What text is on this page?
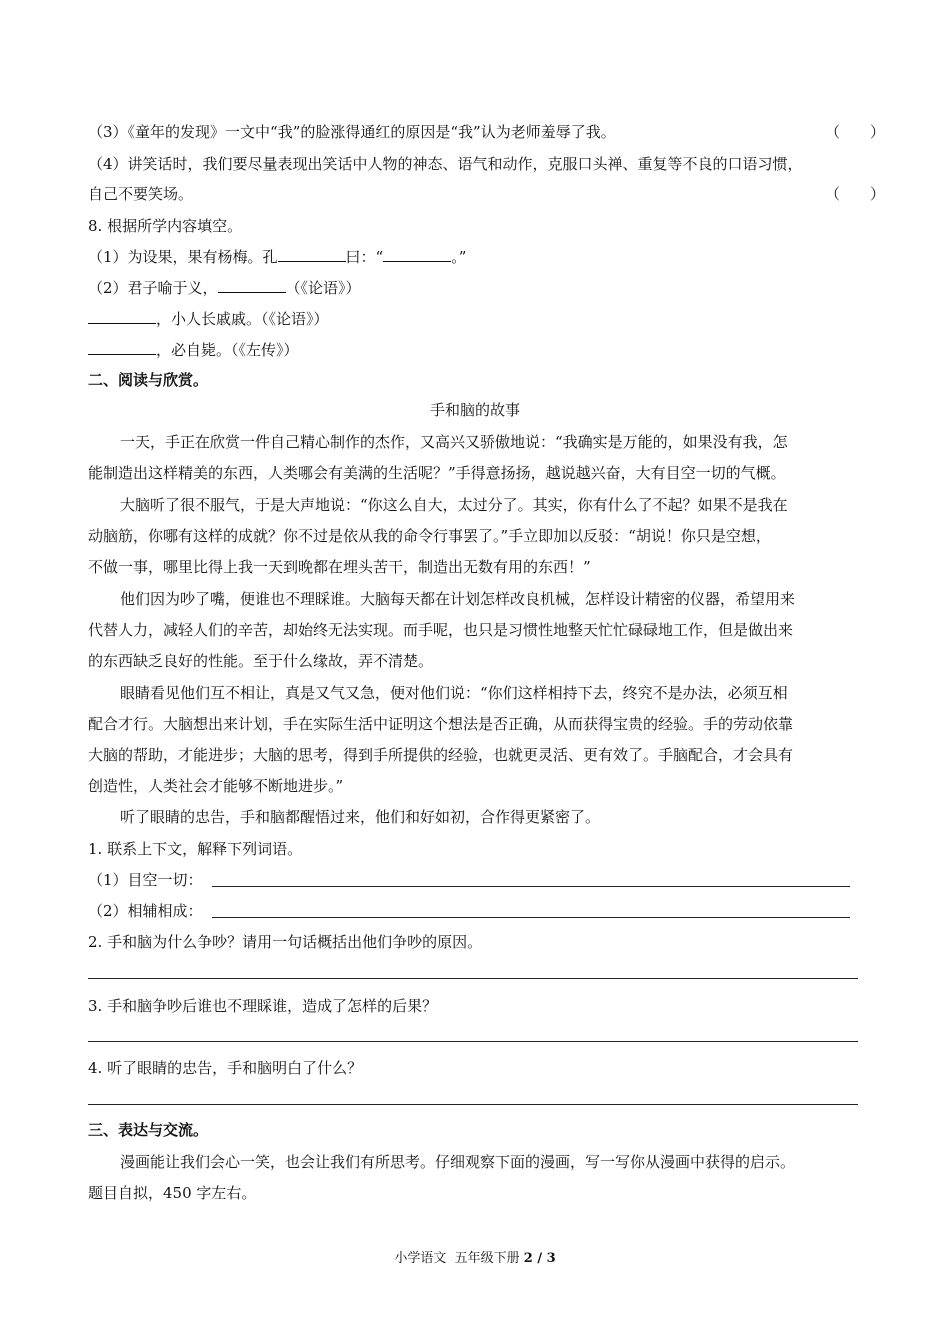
（3）《童年的发现》一文中“我”的脸涨得通红的原因是“我”认为老师羞辱了我。	（　　）
（4）讲笑话时，我们要尽量表现出笑话中人物的神态、语气和动作，克服口头禅、重复等不良的口语习惯，
自己不要笑场。	（　　）
8. 根据所学内容填空。
（1）为设果，果有杨梅。孔	曰：“	。”
（2）君子喻于义，	（《论语》）
，小人长戚戚。（《论语》）
，必自毙。（《左传》）
二、阅读与欣赏。
手和脑的故事
一天，手正在欣赏一件自己精心制作的杰作，又高兴又骄傲地说：“我确实是万能的，如果没有我，怎
能制造出这样精美的东西，人类哪会有美满的生活呢？”手得意扬扬，越说越兴奋，大有目空一切的气概。
大脑听了很不服气，于是大声地说：“你这么自大，太过分了。其实，你有什么了不起？如果不是我在
动脑筋，你哪有这样的成就？你不过是依从我的命令行事罢了。”手立即加以反驳：“胡说！你只是空想，
不做一事，哪里比得上我一天到晚都在埋头苦干，制造出无数有用的东西！”
他们因为吵了嘴，便谁也不理睬谁。大脑每天都在计划怎样改良机械，怎样设计精密的仪器，希望用来
代替人力，减轻人们的辛苦，却始终无法实现。而手呢，也只是习惯性地整天忙忙碌碌地工作，但是做出来
的东西缺乏良好的性能。至于什么缘故，弄不清楚。
眼睛看见他们互不相让，真是又气又急，便对他们说：“你们这样相持下去，终究不是办法，必须互相
配合才行。大脑想出来计划，手在实际生活中证明这个想法是否正确，从而获得宝贵的经验。手的劳动依靠
大脑的帮助，才能进步；大脑的思考，得到手所提供的经验，也就更灵活、更有效了。手脑配合，才会具有
创造性，人类社会才能够不断地进步。”
听了眼睛的忠告，手和脑都醒悟过来，他们和好如初，合作得更紧密了。
1. 联系上下文，解释下列词语。
（1）目空一切：
（2）相辅相成：
2. 手和脑为什么争吵？请用一句话概括出他们争吵的原因。
3. 手和脑争吵后谁也不理睬谁，造成了怎样的后果？
4. 听了眼睛的忠告，手和脑明白了什么？
三、表达与交流。
漫画能让我们会心一笑，也会让我们有所思考。仔细观察下面的漫画，写一写你从漫画中获得的启示。
题目自拟，450 字左右。
小学语文  五年级下册 2 / 3
